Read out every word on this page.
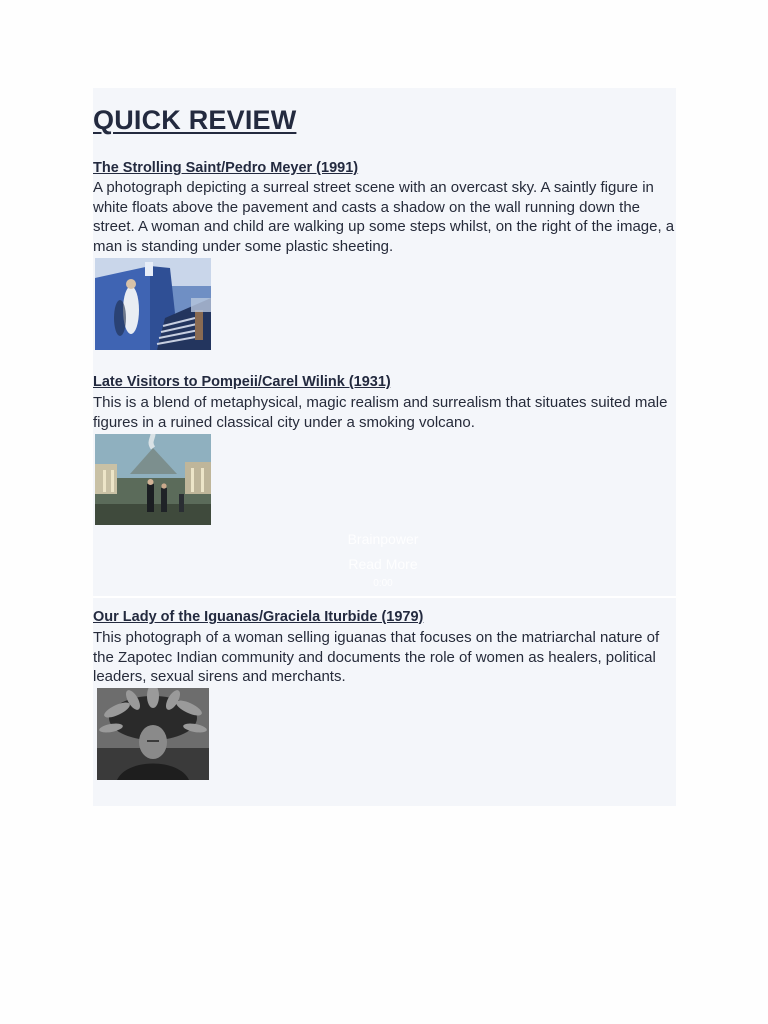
QUICK REVIEW

The Strolling Saint/Pedro Meyer (1991)

A photograph depicting a surreal street scene with an overcast sky. A saintly figure in white floats above the pavement and casts a shadow on the wall running down the street. A woman and child are walking up some steps whilst, on the right of the image, a man is standing under some plastic sheeting.

Late Visitors to Pompeii/Carel Wilink (1931)

This is a blend of metaphysical, magic realism and surrealism that situates suited male figures in a ruined classical city under a smoking volcano.

Brainpower
Read More
0:00

Our Lady of the Iguanas/Graciela Iturbide (1979)

This photograph of a woman selling iguanas that focuses on the matriarchal nature of the Zapotec Indian community and documents the role of women as healers, political leaders, sexual sirens and merchants.
